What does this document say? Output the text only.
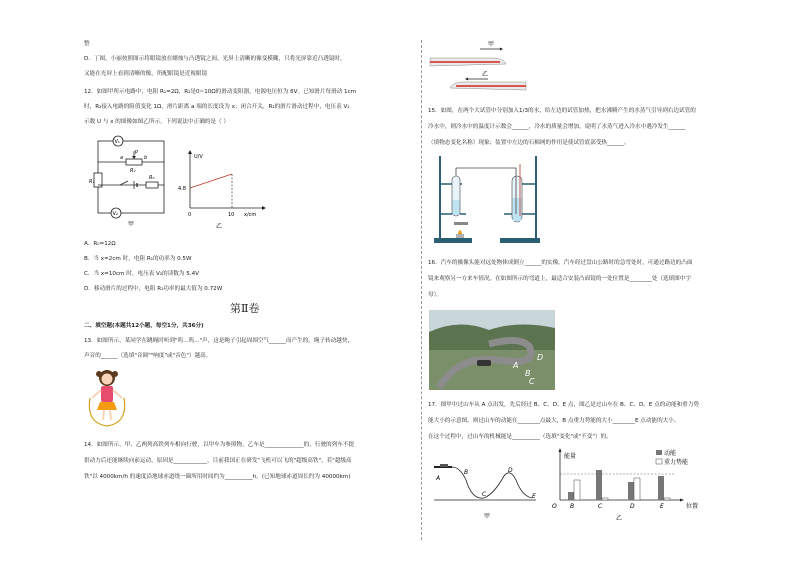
整
D．丁图，小丽按照图示将眼镜放在蜡烛与凸透镜之间，光屏上清晰的像变模糊，只将光屏靠近凸透镜时，
又能在光屏上看到清晰的像，所配眼镜是近视眼镜
12．如图甲所示电路中，电阻 R₁=2Ω，R₂是0~10Ω的滑动变阻器，电源电压恒为 6V。已知滑片每滑动 1cm
时，R₂接入电路的阻值变化 1Ω，滑片距离 a 端的长度设为 x；闭合开关，R₂的滑片滑动过程中，电压表 V₁
示数 U 与 x 的图像如图乙所示。下列说法中正确的是（ ）
V₁
P
a	b
R₂
R₁
R₀
V₂
甲
U/V
x/cm
4.8
0	10
乙
A．R₀=12Ω
B．当 x=2cm 时，电阻 R₁的功率为 0.5W
C．当 x=10cm 时，电压表 V₂的读数为 5.4V
D．移动滑片的过程中，电阻 R₁功率的最大值为 0.72W
第Ⅱ卷
二、填空题(本题共12小题，每空1分，共36分)
13．如图所示，某同学在跳绳时听到"呜...呜..."声，这是绳子引起周围空气______而产生的，绳子转动越快，
声音的______（选填"音调""响度"或"音色"）越高。
14．如图所示，甲、乙两列高铁列车相向行驶，以甲车为参照物，乙车是______________的，行驶的列车不提
供动力后还能继续向前运动，原因是____________，目前我国正在研发"飞机可以飞的"超级高铁"，若"超级高
铁"以 4000km/h 的速度沿地球赤道绕一圈所用时间约为__________h。(已知地球赤道周长约为 40000km)
甲
乙
15．如图，在两个大试管中分别加入1/3的水，给左边的试管加热，把水沸腾产生的水蒸气引导到右边试管的
冷水中，则冷水中的温度计示数会______，冷水的质量会增加，说明了水蒸气进入冷水中遇冷发生______
（填物态变化名称）现象；装置中左边的石棉网的作用是使试管底部受热______。
16．汽车的摄像头能对远处物体成倒立______的实像。汽车经过盘山公路时的急弯处时，可通过路边的凸面
镜来观察另一方来车情况。在如图所示的弯道上，最适合安装凸面镜的一处位置是________处（选填图中字
母）。
A
B
C
D
17．图甲中过山车从 A 点出发，先后经过 B、C、D、E 点，图乙是过山车在 B、C、D、E 点的动能和重力势
能大小的示意图，则过山车的动能在________点最大，B 点重力势能的大小________E 点动能的大小。
在这个过程中，过山车的机械能是__________（选填"变化"或"不变"）的。
A
B
C
D
E
甲
能量
位置
O B	C	D	E
动能
重力势能
乙
